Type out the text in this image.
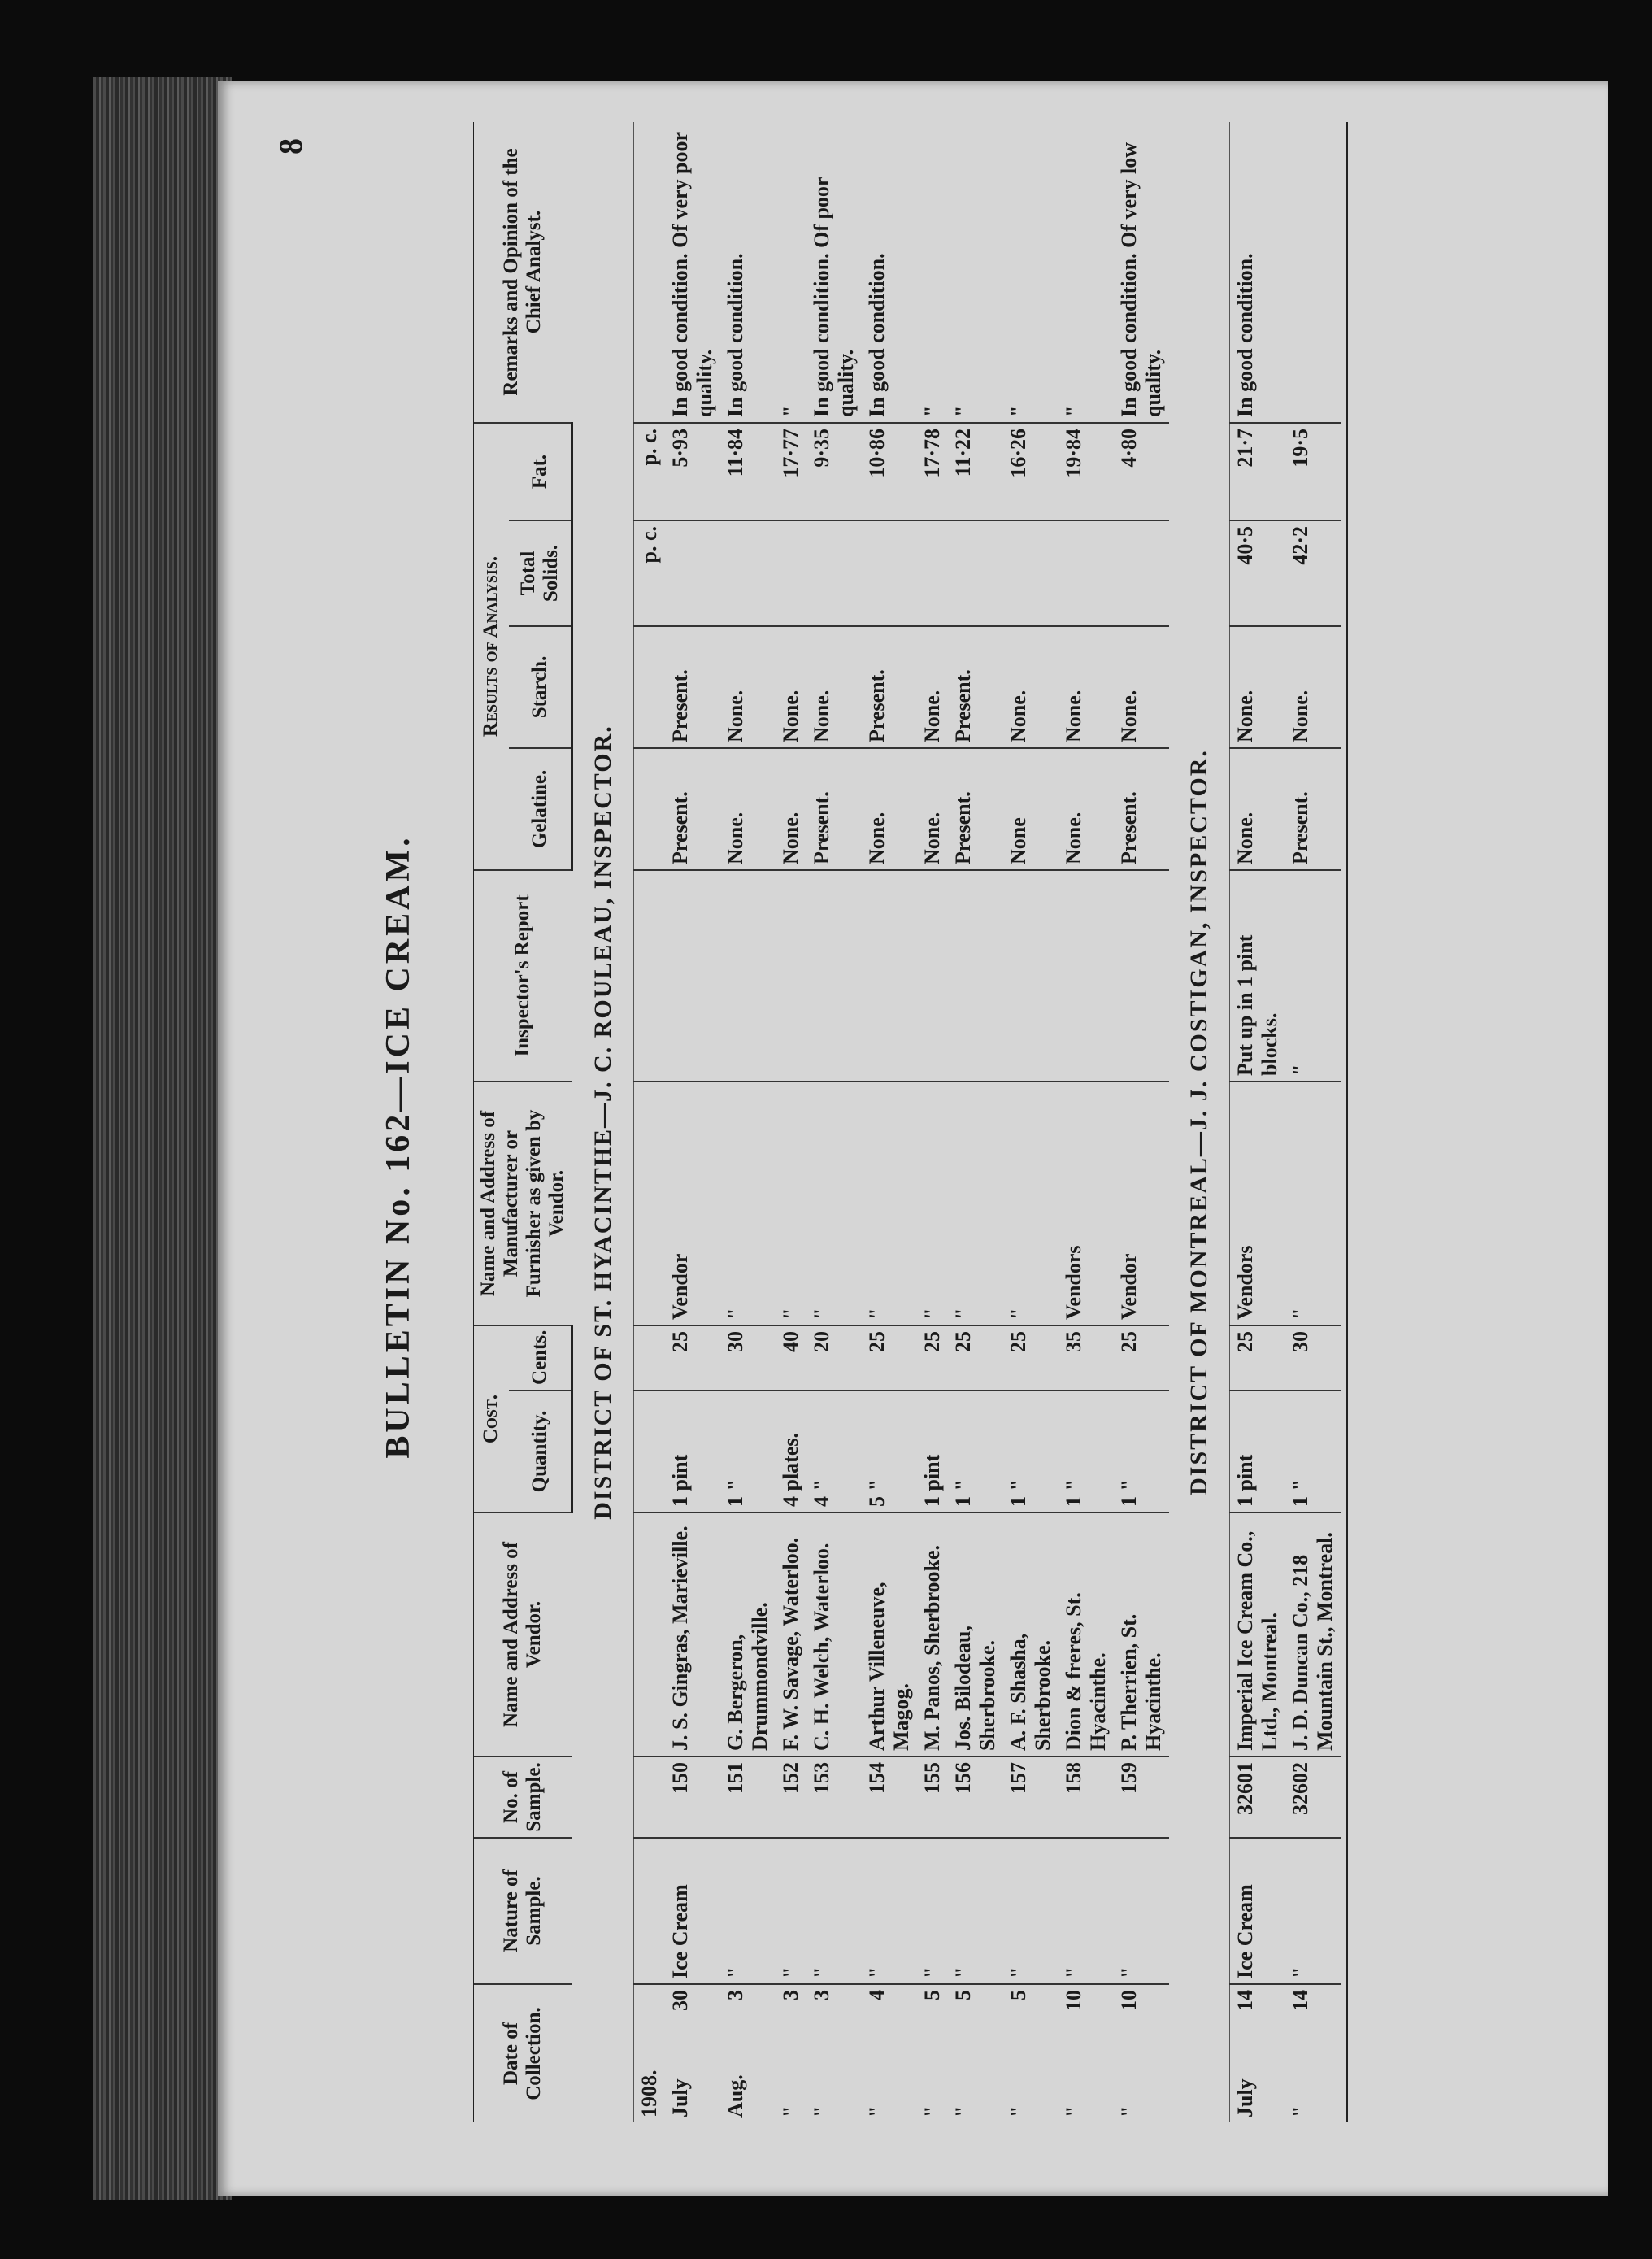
8
BULLETIN No. 162—ICE CREAM.
Date of Collection.		Nature of Sample.	No. of Sample.	Name and Address of Vendor.	Cost.		Name and Address of Manufacturer or Furnisher as given by Vendor.	Inspector's Report	Results of Analysis.				Remarks and Opinion of the Chief Analyst.
					Quantity.	Cents.			Gelatine.	Starch.	Total Solids.	Fat.	
DISTRICT OF ST. HYACINTHE—J. C. ROULEAU, INSPECTOR.													
1908.											p. c.	p. c.	
July	30	Ice Cream	150	J. S. Gingras, Marieville.	1 pint	25	Vendor		Present.	Present.		5·93	In good condition. Of very poor quality.
Aug.	3	"	151	G. Bergeron, Drummondville.	1 "	30	"		None.	None.		11·84	In good condition.
"	3	"	152	F. W. Savage, Waterloo.	4 plates.	40	"		None.	None.		17·77	"
"	3	"	153	C. H. Welch, Waterloo.	4 "	20	"		Present.	None.		9·35	In good condition. Of poor quality.
"	4	"	154	Arthur Villeneuve, Magog.	5 "	25	"		None.	Present.		10·86	In good condition.
"	5	"	155	M. Panos, Sherbrooke.	1 pint	25	"		None.	None.		17·78	"
"	5	"	156	Jos. Bilodeau, Sherbrooke.	1 "	25	"		Present.	Present.		11·22	"
"	5	"	157	A. F. Shasha, Sherbrooke.	1 "	25	"		None	None.		16·26	"
"	10	"	158	Dion & freres, St. Hyacinthe.	1 "	35	Vendors		None.	None.		19·84	"
"	10	"	159	P. Therrien, St. Hyacinthe.	1 "	25	Vendor		Present.	None.		4·80	In good condition. Of very low quality.
DISTRICT OF MONTREAL—J. J. COSTIGAN, INSPECTOR.													
July	14	Ice Cream	32601	Imperial Ice Cream Co., Ltd., Montreal.	1 pint	25	Vendors	Put up in 1 pint blocks.	None.	None.	40·5	21·7	In good condition.
"	14	"	32602	J. D. Duncan Co., 218 Mountain St., Montreal.	1 "	30	"	"	Present.	None.	42·2	19·5	
